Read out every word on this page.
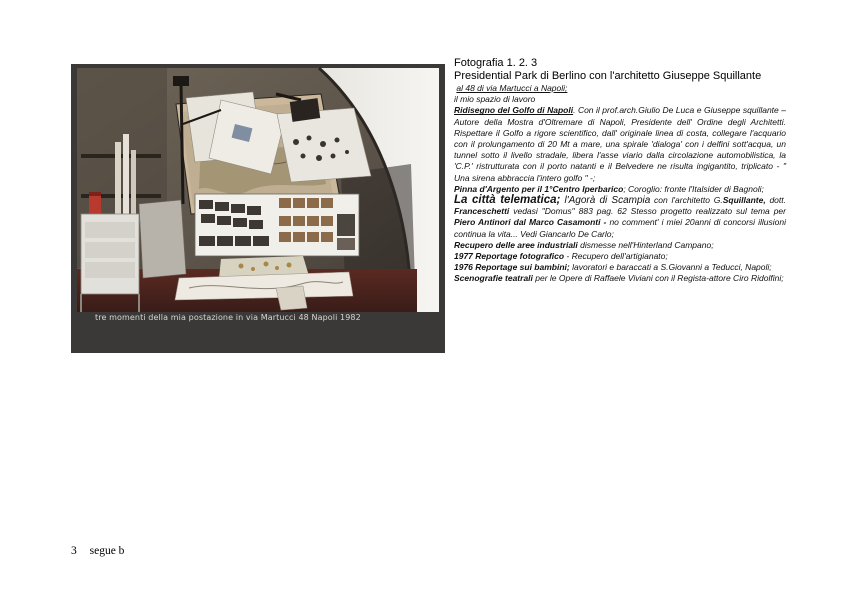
tre momenti della mia postazione in via Martucci 48 Napoli 1982

Fotografia 1. 2. 3

Presidential Park di Berlino con l'architetto Giuseppe Squillante

al 48 di via Martucci a Napoli;

il mio spazio di lavoro

Ridisegno del Golfo di Napoli. Con il prof.arch.Giulio De Luca e Giuseppe squillante – Autore della Mostra d'Oltremare di Napoli, Presidente dell' Ordine degli Architetti. Rispettare il Golfo a rigore scientifico, dall' originale linea di costa, collegare l'acquario con il prolungamento di 20 Mt a mare, una spirale 'dialoga' con i delfini sott'acqua, un tunnel sotto il livello stradale, libera l'asse viario dalla circolazione automobilistica, la 'C.P.' ristrutturata con il porto natanti e il Belvedere ne risulta ingigantito, triplicato - " Una sirena abbraccia l'intero golfo " -;

Pinna d'Argento per il 1°Centro Iperbarico; Coroglio: fronte l'Italsider di Bagnoli;

La città telematica; l'Agorà di Scampia con l'architetto G.Squillante, dott. Franceschetti vedasi "Domus" 883 pag. 62 Stesso progetto realizzato sul tema per Piero Antinori dal Marco Casamonti - no comment' i miei 20anni di concorsi illusioni continua la vita... Vedi Giancarlo De Carlo;

Recupero delle aree industriali dismesse nell'Hinterland Campano;

1977 Reportage fotografico - Recupero dell'artigianato;

1976 Reportage sui bambini; lavoratori e baraccati a S.Giovanni a Teducci, Napoli;

Scenografie teatrali per le Opere di Raffaele Viviani con il Regista-attore Ciro Ridolfini;

3 segue b
